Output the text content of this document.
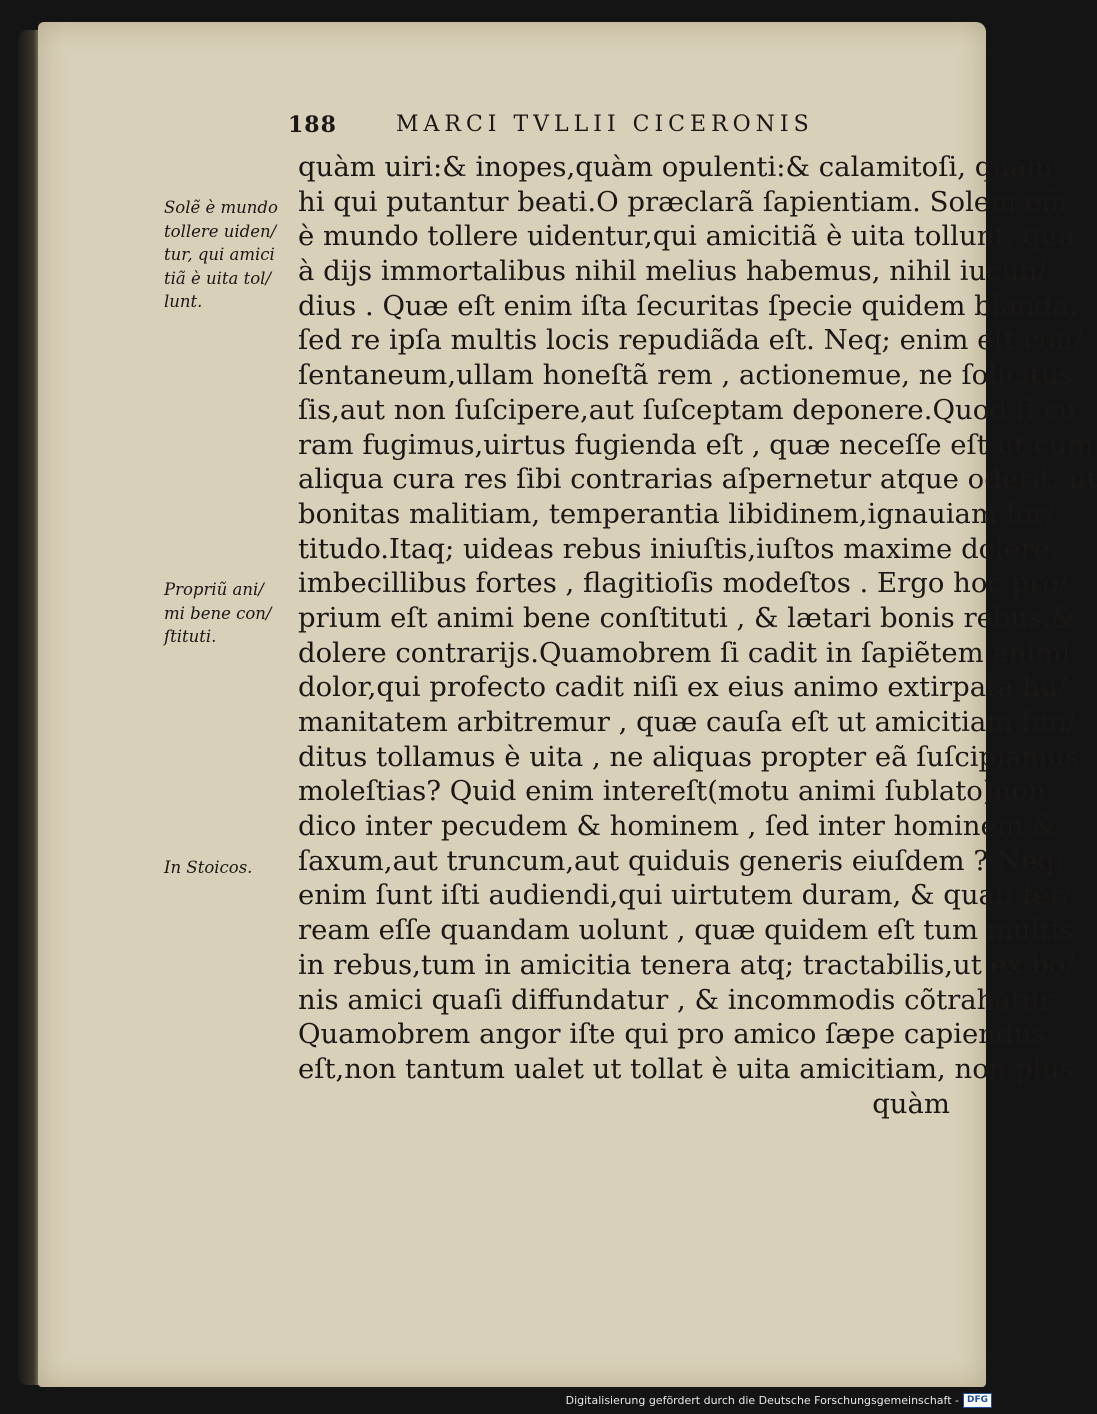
188	MARCI TVLLII CICERONIS
Solẽ è mundo
tollere uiden/
tur, qui amici
tiã è uita tol/
lunt.
Propriũ ani/
mi bene con/
ſtituti.
In Stoicos.
quàm uiri:& inopes,quàm opulenti:& calamitoſi, quàm
hi qui putantur beati.O præclarã ſapientiam. Solem em̃
è mundo tollere uidentur,qui amicitiã è uita tollunt, qua
à dijs immortalibus nihil melius habemus, nihil iucun/
dius . Quæ eſt enim iſta ſecuritas ſpecie quidem blanda.
ſed re ipſa multis locis repudiãda eſt. Neq; enim eſt con/
ſentaneum,ullam honeſtã rem , actionemue, ne ſolicitus
ſis,aut non ſuſcipere,aut ſuſceptam deponere.Quod ſi cu
ram fugimus,uirtus fugienda eſt , quæ neceſſe eſt ut cum
aliqua cura res ſibi contrarias aſpernetur atque oderit, ut
bonitas malitiam, temperantia libidinem,ignauiam for/
titudo.Itaq; uideas rebus iniuſtis,iuſtos maxime dolere,
imbecillibus fortes , flagitioſis modeſtos . Ergo hoc pro/
prium eſt animi bene conſtituti , & lætari bonis rebus,&
dolere contrarijs.Quamobrem ſi cadit in ſapiẽtem animi
dolor,qui profecto cadit niſi ex eius animo extirpatã hu/
manitatem arbitremur , quæ cauſa eſt ut amicitiam fun/
ditus tollamus è uita , ne aliquas propter eã ſuſcipiamus
moleſtias? Quid enim intereſt(motu animi ſublato)non
dico inter pecudem & hominem , ſed inter hominem &
ſaxum,aut truncum,aut quiduis generis eiuſdem ? Neq;
enim ſunt iſti audiendi,qui uirtutem duram, & quaſi fer/
ream eſſe quandam uolunt , quæ quidem eſt tum multis
in rebus,tum in amicitia tenera atq; tractabilis,ut ex bo/
nis amici quaſi diffundatur , & incommodis cõtrahatur.
Quamobrem angor iſte qui pro amico ſæpe capiendus
eſt,non tantum ualet ut tollat è uita amicitiam, non plus
quàm
Digitalisierung gefördert durch die Deutsche Forschungsgemeinschaft - DFG
